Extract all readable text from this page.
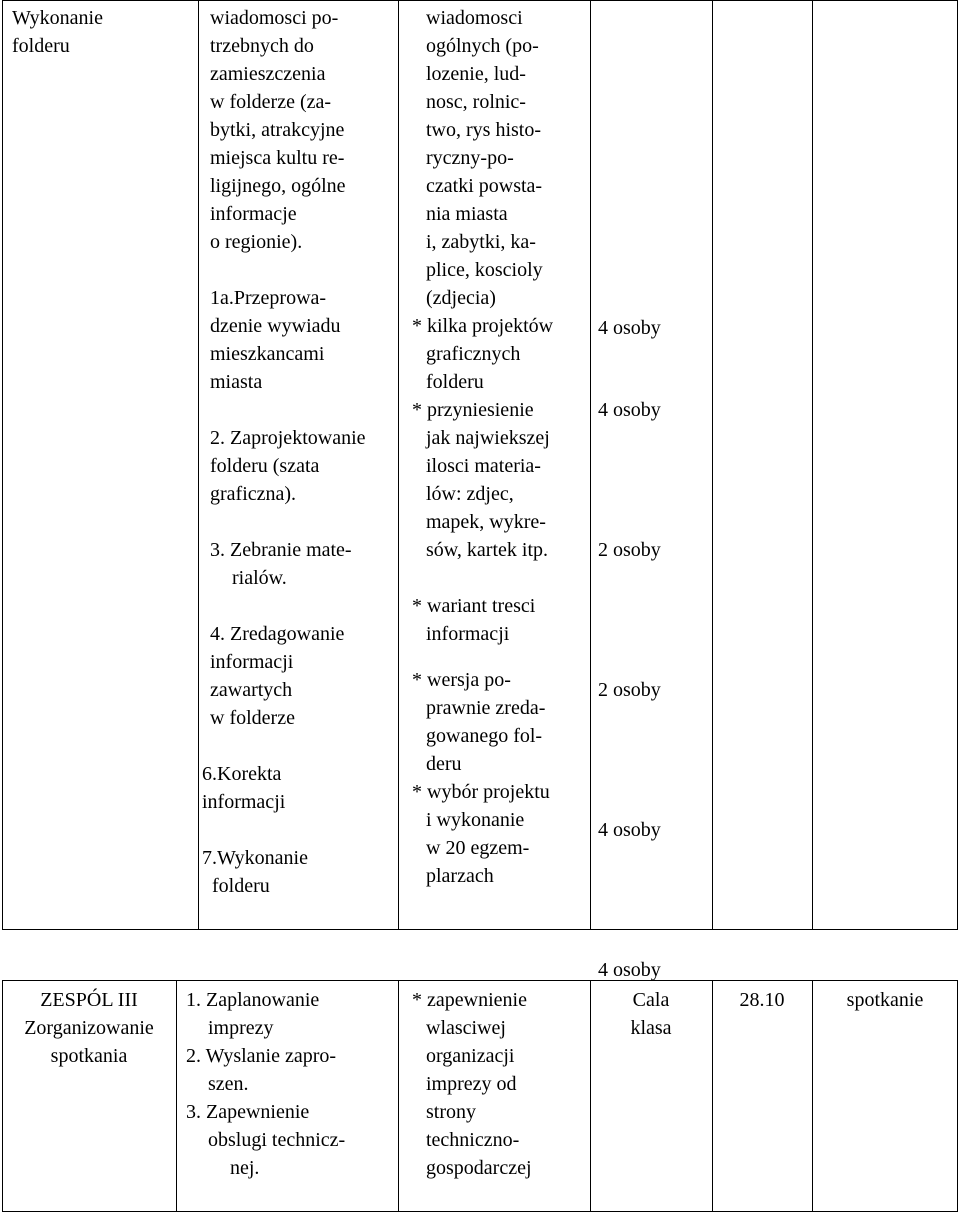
Wykonanie
folderu
wiadomosci po-
trzebnych do
zamieszczenia
w folderze (za-
bytki, atrakcyjne
miejsca kultu re-
ligijnego, ogólne
informacje
o regionie).
1a.Przeprowa-
dzenie wywiadu
mieszkancami
miasta
2. Zaprojektowanie
folderu (szata
graficzna).
3. Zebranie mate-
rialów.
4. Zredagowanie
informacji
zawartych
w folderze
6.Korekta
informacji
7.Wykonanie
folderu
wiadomosci
ogólnych (po-
lozenie, lud-
nosc, rolnic-
two, rys histo-
ryczny-po-
czatki powsta-
nia miasta
i, zabytki, ka-
plice, koscioly
(zdjecia)
* kilka projektów
graficznych
folderu
* przyniesienie
jak najwiekszej
ilosci materia-
lów: zdjec,
mapek, wykre-
sów, kartek itp.
* wariant tresci
informacji
* wersja po-
prawnie zreda-
gowanego fol-
deru
* wybór projektu
i wykonanie
w 20 egzem-
plarzach
4 osoby
4 osoby
2 osoby
2 osoby
4 osoby
4 osoby
ZESPÓL III
Zorganizowanie
spotkania
1. Zaplanowanie
imprezy
2. Wyslanie zapro-
szen.
3. Zapewnienie
obslugi technicz-
nej.
* zapewnienie
wlasciwej
organizacji
imprezy od
strony
techniczno-
gospodarczej
Cala
klasa
28.10	spotkanie
